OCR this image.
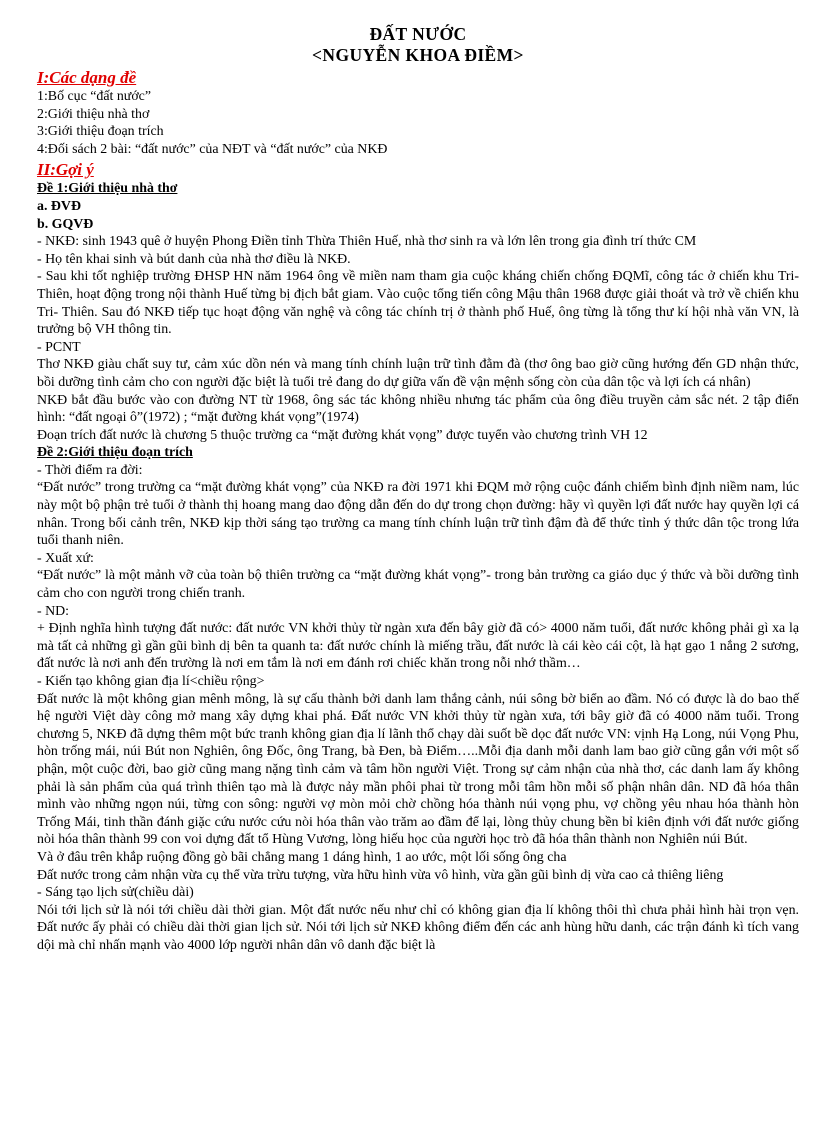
ĐẤT NƯỚC
<NGUYỄN KHOA ĐIỀM>
I:Các dạng đề
1:Bố cục “đất nước”
2:Giới thiệu nhà thơ
3:Giới thiệu đoạn trích
4:Đối sách 2 bài: “đất nước” của NĐT và “đất nước” của NKĐ
II:Gợi ý
Đề 1:Giới thiệu nhà thơ
a. ĐVĐ
b. GQVĐ

- NKĐ: sinh 1943 quê ở huyện Phong Điền tỉnh Thừa Thiên Huế, nhà thơ sinh ra và lớn lên trong gia đình trí thức CM

- Họ tên khai sinh và bút danh của nhà thơ điều là NKĐ.

- Sau khi tốt nghiệp trường ĐHSP HN năm 1964 ông về miền nam tham gia cuộc kháng chiến chống ĐQMĩ, công tác ở chiến khu Tri- Thiên, hoạt động trong nội thành Huế từng bị địch bắt giam. Vào cuộc tổng tiến công Mậu thân 1968 được giải thoát và trở về chiến khu Tri- Thiên. Sau đó NKĐ tiếp tục hoạt động văn nghệ và công tác chính trị ở thành phố Huế, ông từng là tổng thư kí hội nhà văn VN, là trưởng bộ VH thông tin.

- PCNT

Thơ NKĐ giàu chất suy tư, cảm xúc dồn nén và mang tính chính luận trữ tình đằm đà (thơ ông bao giờ cũng hướng đến GD nhận thức, bồi dưỡng tình cảm cho con người đặc biệt là tuổi trẻ đang do dự giữa vấn đề vận mệnh sống còn của dân tộc và lợi ích cá nhân)

NKĐ bắt đầu bước vào con đường NT từ 1968, ông sác tác không nhiều nhưng tác phẩm của ông điều truyền cảm sắc nét. 2 tập điển hình: “đất ngoại ô”(1972) ; “mặt đường khát vọng”(1974)

Đoạn trích đất nước là chương 5 thuộc trường ca “mặt đường khát vọng” được tuyển vào chương trình VH 12

Đề 2:Giới thiệu đoạn trích

- Thời điểm ra đời:

“Đất nước” trong trường ca “mặt đường khát vọng” của NKĐ ra đời 1971 khi ĐQM mở rộng cuộc đánh chiếm bình định niềm nam, lúc này một bộ phận trẻ tuổi ở thành thị hoang mang dao động dẫn đến do dự trong chọn đường: hãy vì quyền lợi đất nước hay quyền lợi cá nhân. Trong bối cảnh trên, NKĐ kịp thời sáng tạo trường ca mang tính chính luận trữ tình đậm đà để thức tỉnh ý thức dân tộc trong lứa tuổi thanh niên.

- Xuất xứ:

“Đất nước” là một mảnh vỡ của toàn bộ thiên trường ca “mặt đường khát vọng”- trong bản trường ca giáo dục ý thức và bồi dưỡng tình cảm cho con người trong chiến tranh.

- ND:

+ Định nghĩa hình tượng đất nước: đất nước VN khởi thủy từ ngàn xưa đến bây giờ đã có> 4000 năm tuổi, đất nước không phải gì xa lạ mà tất cả những gì gần gũi bình dị bên ta quanh ta: đất nước chính là miếng trầu, đất nước là cái kèo cái cột, là hạt gạo 1 nắng 2 sương, đất nước là nơi anh đến trường là nơi em tắm là nơi em đánh rơi chiếc khăn trong nỗi nhớ thầm…

- Kiến tạo không gian địa lí<chiều rộng>

Đất nước là một không gian mênh mông, là sự cấu thành bởi danh lam thắng cảnh, núi sông bờ biển ao đầm. Nó có được là do bao thế hệ người Việt dày công mở mang xây dựng khai phá. Đất nước VN khởi thủy từ ngàn xưa, tới bây giờ đã có 4000 năm tuổi. Trong chương 5, NKĐ đã dựng thêm một bức tranh không gian địa lí lãnh thổ chạy dài suốt bề dọc đất nước VN: vịnh Hạ Long, núi Vọng Phu, hòn trống mái, núi Bút non Nghiên, ông Đốc, ông Trang, bà Đen, bà Điểm…..Mỗi địa danh mỗi danh lam bao giờ cũng gắn với một số phận, một cuộc đời, bao giờ cũng mang nặng tình cảm và tâm hồn người Việt. Trong sự cảm nhận của nhà thơ, các danh lam ấy không phải là sản phẩm của quá trình thiên tạo mà là được nảy mần phôi phai từ trong mỗi tâm hồn mỗi số phận nhân dân. ND đã hóa thân mình vào những ngọn núi, từng con sông: người vợ mòn mỏi chờ chồng hóa thành núi vọng phu, vợ chồng yêu nhau hóa thành hòn Trống Mái, tinh thần đánh giặc cứu nước cứu nòi hóa thân vào trăm ao đầm để lại, lòng thủy chung bền bỉ kiên định với đất nước giống nòi hóa thân thành 99 con voi dựng đất tổ Hùng Vương, lòng hiếu học của người học trò đã hóa thân thành non Nghiên núi Bút.

Và ở đâu trên khắp ruộng đồng gò bãi chẳng mang 1 dáng hình, 1 ao ước, một lối sống ông cha

Đất nước trong cảm nhận vừa cụ thể vừa trừu tượng, vừa hữu hình vừa vô hình, vừa gần gũi bình dị vừa cao cả thiêng liêng

- Sáng tạo lịch sử(chiều dài)

Nói tới lịch sử là nói tới chiều dài thời gian. Một đất nước nếu như chỉ có không gian địa lí không thôi thì chưa phải hình hài trọn vẹn. Đất nước ấy phải có chiều dài thời gian lịch sử. Nói tới lịch sử NKĐ không điểm đến các anh hùng hữu danh, các trận đánh kì tích vang dội mà chỉ nhấn mạnh vào 4000 lớp người nhân dân vô danh đặc biệt là
